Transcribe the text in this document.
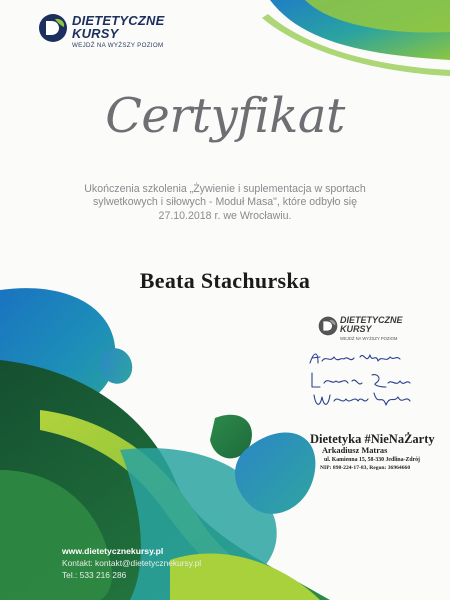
DIETETYCZNE
KURSY
WEJDŹ NA WYŻSZY POZIOM
Certyfikat
Ukończenia szkolenia „Żywienie i suplementacja w sportach sylwetkowych i siłowych - Moduł Masa", które odbyło się 27.10.2018 r. we Wrocławiu.
Beata Stachurska
DIETETYCZNE
KURSY
WEJDŹ NA WYŻSZY POZIOM
Dietetyka #NieNaŻarty
Arkadiusz Matras
ul. Kamienna 15, 58-330 Jedlina-Zdrój
NIP: 898-224-17-83, Regon: 36964660
www.dietetycznekursy.pl
Kontakt: kontakt@dietetycznekursy.pl
Tel.: 533 216 286
